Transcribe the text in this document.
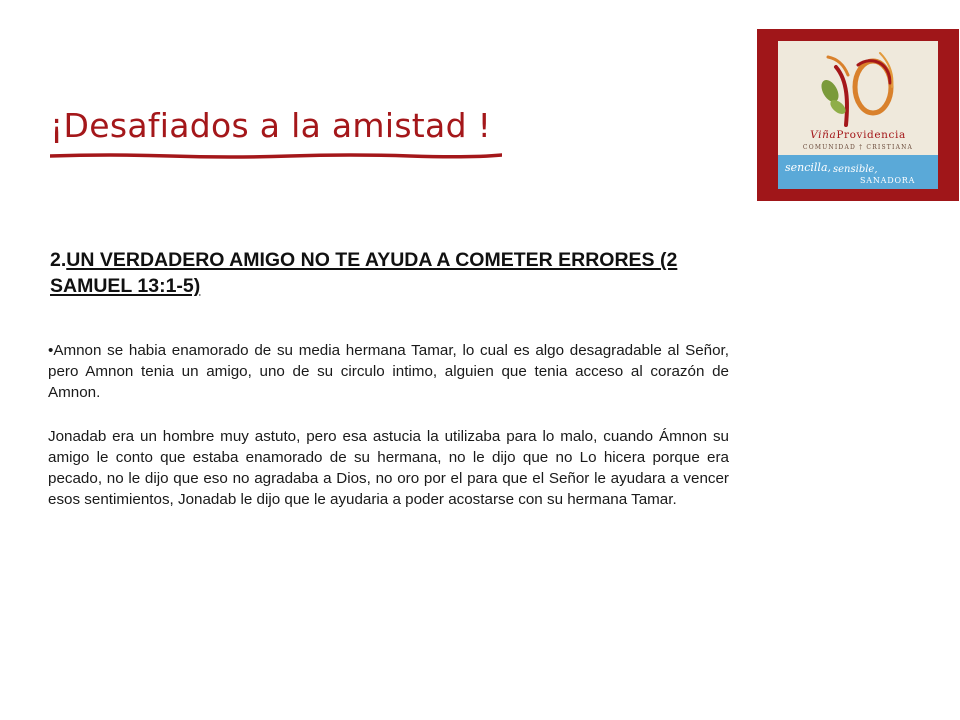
¡Desafiados a la amistad !	ViñaProvidencia
COMUNIDAD † CRISTIANA
sencilla, sensible,
SANADORA
2.UN VERDADERO AMIGO NO TE AYUDA A COMETER ERRORES (2 SAMUEL 13:1-5)
•Amnon se habia enamorado de su media hermana Tamar, lo cual es algo desagradable al Señor, pero Amnon tenia un amigo, uno de su circulo intimo, alguien que tenia acceso al corazón de Amnon.
Jonadab era un hombre muy astuto, pero esa astucia la utilizaba para lo malo, cuando Ámnon su amigo le conto que estaba enamorado de su hermana, no le dijo que no Lo hicera porque era pecado, no le dijo que eso no agradaba a Dios, no oro por el para que el Señor le ayudara a vencer esos sentimientos, Jonadab le dijo que le ayudaria a poder acostarse con su hermana Tamar.
